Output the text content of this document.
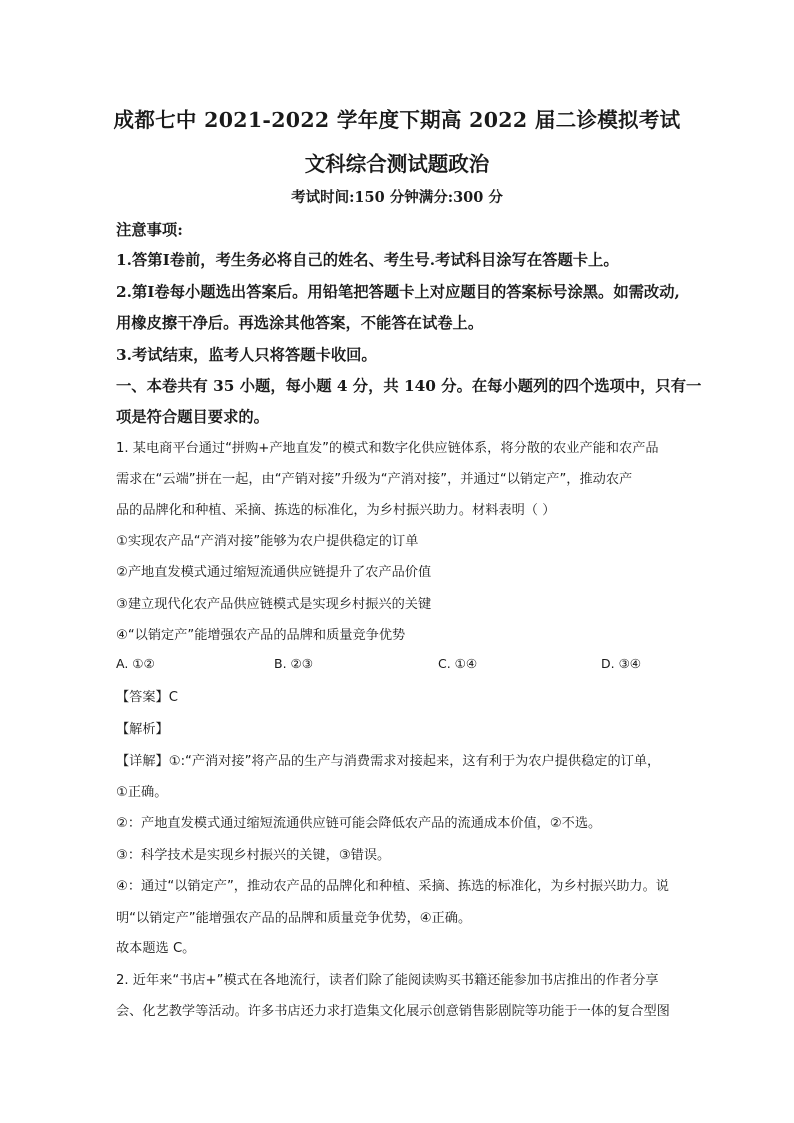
成都七中 2021-2022 学年度下期高 2022 届二诊模拟考试
文科综合测试题政治
考试时间:150 分钟满分:300 分
注意事项:
1.答第Ⅰ卷前，考生务必将自己的姓名、考生号.考试科目涂写在答题卡上。
2.第Ⅰ卷每小题选出答案后。用铅笔把答题卡上对应题目的答案标号涂黑。如需改动,
用橡皮擦干净后。再选涂其他答案，不能答在试卷上。
3.考试结束，监考人只将答题卡收回。
一、本卷共有 35 小题，每小题 4 分，共 140 分。在每小题列的四个选项中，只有一
项是符合题目要求的。
1. 某电商平台通过“拼购+产地直发”的模式和数字化供应链体系，将分散的农业产能和农产品
需求在“云端”拼在一起，由“产销对接”升级为“产消对接”，并通过“以销定产”，推动农产
品的品牌化和种植、采摘、拣选的标准化，为乡村振兴助力。材料表明（ ）
①实现农产品“产消对接”能够为农户提供稳定的订单
②产地直发模式通过缩短流通供应链提升了农产品价值
③建立现代化农产品供应链模式是实现乡村振兴的关键
④“以销定产”能增强农产品的品牌和质量竞争优势
A. ①②	B. ②③	C. ①④	D. ③④
【答案】C
【解析】
【详解】①:“产消对接”将产品的生产与消费需求对接起来，这有利于为农户提供稳定的订单，
①正确。
②：产地直发模式通过缩短流通供应链可能会降低农产品的流通成本价值，②不选。
③：科学技术是实现乡村振兴的关键，③错误。
④：通过“以销定产”，推动农产品的品牌化和种植、采摘、拣选的标准化，为乡村振兴助力。说
明“以销定产”能增强农产品的品牌和质量竞争优势，④正确。
故本题选 C。
2. 近年来“书店+”模式在各地流行，读者们除了能阅读购买书籍还能参加书店推出的作者分享
会、化艺教学等活动。许多书店还力求打造集文化展示创意销售影剧院等功能于一体的复合型图
